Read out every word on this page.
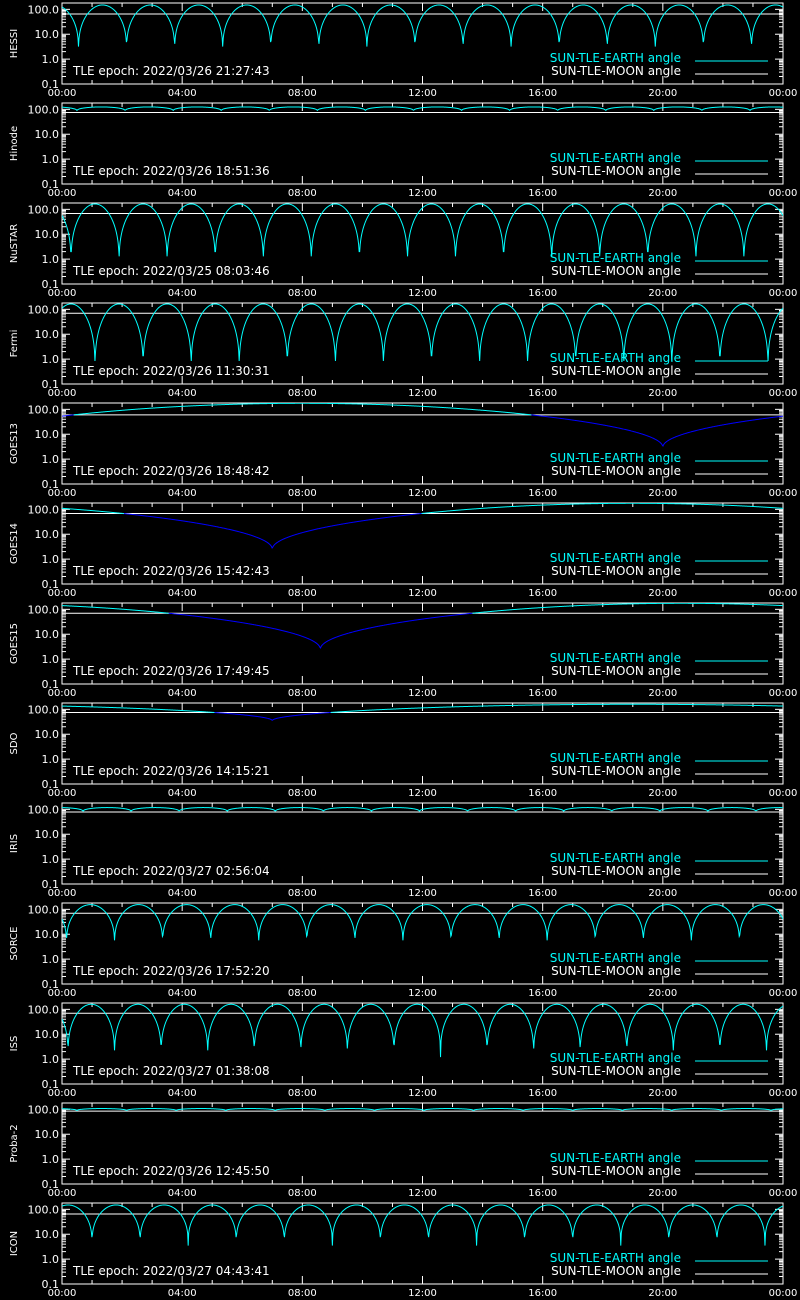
100.0
10.0
1.0
0.1
00:00	04:00	08:00	12:00	16:00	20:00	00:00
HESSI
TLE epoch: 2022/03/26 21:27:43
SUN-TLE-EARTH angle
SUN-TLE-MOON angle
100.0
10.0
1.0
0.1
00:00	04:00	08:00	12:00	16:00	20:00	00:00
Hinode
TLE epoch: 2022/03/26 18:51:36
SUN-TLE-EARTH angle
SUN-TLE-MOON angle
100.0
10.0
1.0
0.1
00:00	04:00	08:00	12:00	16:00	20:00	00:00
NuSTAR
TLE epoch: 2022/03/25 08:03:46
SUN-TLE-EARTH angle
SUN-TLE-MOON angle
100.0
10.0
1.0
0.1
00:00	04:00	08:00	12:00	16:00	20:00	00:00
Fermi
TLE epoch: 2022/03/26 11:30:31
SUN-TLE-EARTH angle
SUN-TLE-MOON angle
100.0
10.0
1.0
0.1
00:00	04:00	08:00	12:00	16:00	20:00	00:00
GOES13
TLE epoch: 2022/03/26 18:48:42
SUN-TLE-EARTH angle
SUN-TLE-MOON angle
100.0
10.0
1.0
0.1
00:00	04:00	08:00	12:00	16:00	20:00	00:00
GOES14
TLE epoch: 2022/03/26 15:42:43
SUN-TLE-EARTH angle
SUN-TLE-MOON angle
100.0
10.0
1.0
0.1
00:00	04:00	08:00	12:00	16:00	20:00	00:00
GOES15
TLE epoch: 2022/03/26 17:49:45
SUN-TLE-EARTH angle
SUN-TLE-MOON angle
100.0
10.0
1.0
0.1
00:00	04:00	08:00	12:00	16:00	20:00	00:00
SDO
TLE epoch: 2022/03/26 14:15:21
SUN-TLE-EARTH angle
SUN-TLE-MOON angle
100.0
10.0
1.0
0.1
00:00	04:00	08:00	12:00	16:00	20:00	00:00
IRIS
TLE epoch: 2022/03/27 02:56:04
SUN-TLE-EARTH angle
SUN-TLE-MOON angle
100.0
10.0
1.0
0.1
00:00	04:00	08:00	12:00	16:00	20:00	00:00
SORCE
TLE epoch: 2022/03/26 17:52:20
SUN-TLE-EARTH angle
SUN-TLE-MOON angle
100.0
10.0
1.0
0.1
00:00	04:00	08:00	12:00	16:00	20:00	00:00
ISS
TLE epoch: 2022/03/27 01:38:08
SUN-TLE-EARTH angle
SUN-TLE-MOON angle
100.0
10.0
1.0
0.1
00:00	04:00	08:00	12:00	16:00	20:00	00:00
Proba-2
TLE epoch: 2022/03/26 12:45:50
SUN-TLE-EARTH angle
SUN-TLE-MOON angle
100.0
10.0
1.0
0.1
00:00	04:00	08:00	12:00	16:00	20:00	00:00
ICON
TLE epoch: 2022/03/27 04:43:41
SUN-TLE-EARTH angle
SUN-TLE-MOON angle
